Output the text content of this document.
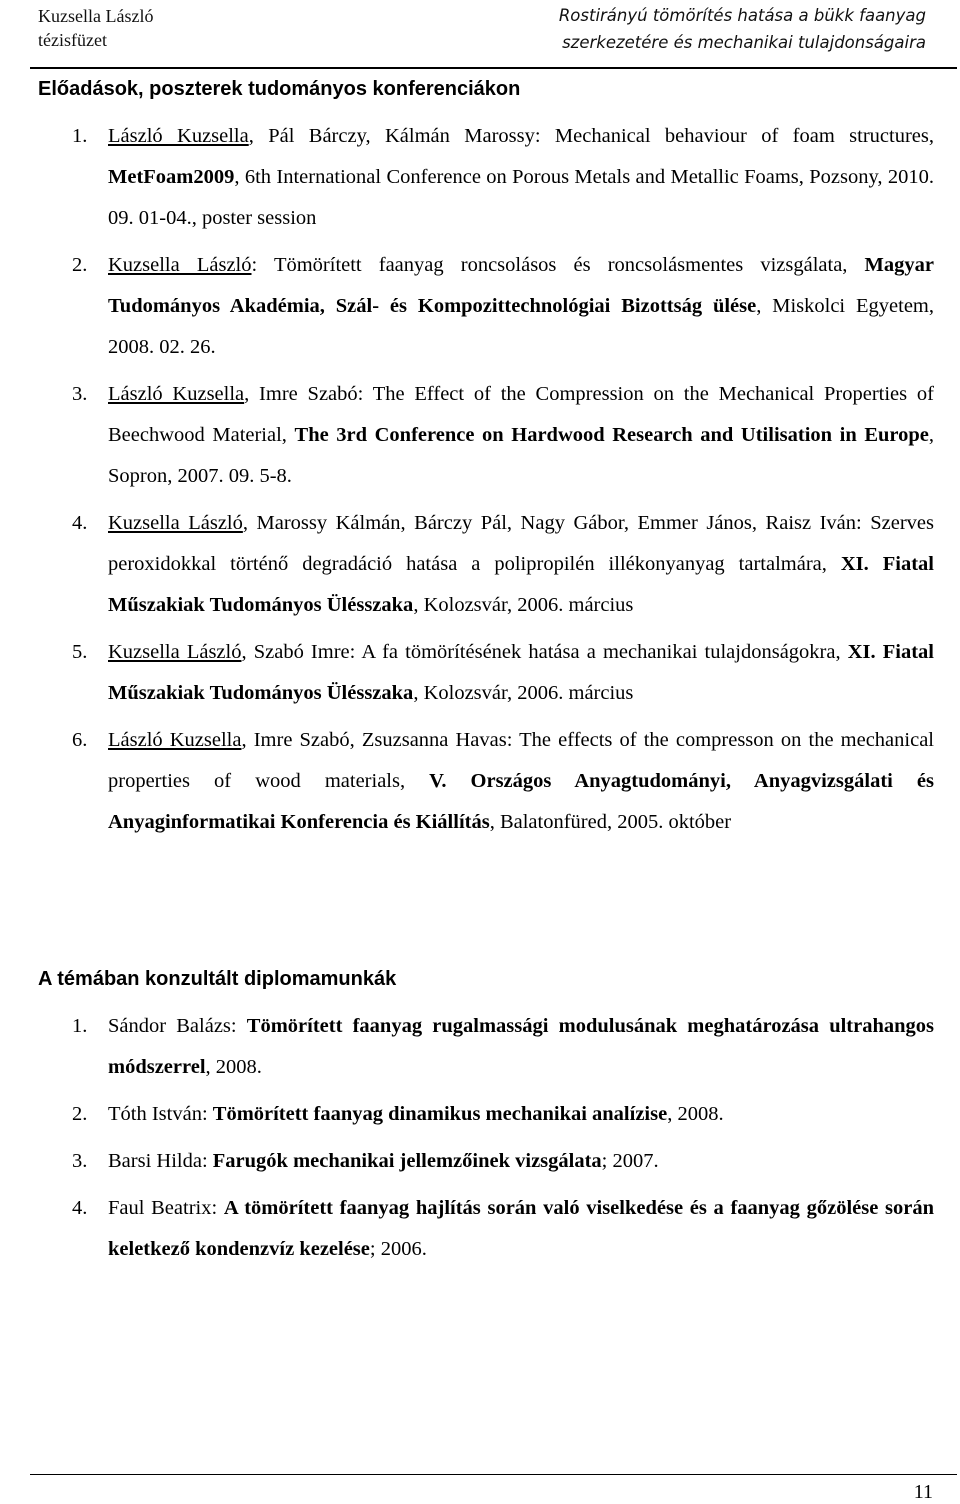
Kuzsella László
tézisfüzet
Rostirányú tömörítés hatása a bükk faanyag
szerkezetére és mechanikai tulajdonságaira
Előadások, poszterek tudományos konferenciákon
1. László Kuzsella, Pál Bárczy, Kálmán Marossy: Mechanical behaviour of foam structures, MetFoam2009, 6th International Conference on Porous Metals and Metallic Foams, Pozsony, 2010. 09. 01-04., poster session
2. Kuzsella László: Tömörített faanyag roncsolásos és roncsolásmentes vizsgálata, Magyar Tudományos Akadémia, Szál- és Kompozittechnológiai Bizottság ülése, Miskolci Egyetem, 2008. 02. 26.
3. László Kuzsella, Imre Szabó: The Effect of the Compression on the Mechanical Properties of Beechwood Material, The 3rd Conference on Hardwood Research and Utilisation in Europe, Sopron, 2007. 09. 5-8.
4. Kuzsella László, Marossy Kálmán, Bárczy Pál, Nagy Gábor, Emmer János, Raisz Iván: Szerves peroxidokkal történő degradáció hatása a polipropilén illékonyanyag tartalmára, XI. Fiatal Műszakiak Tudományos Ülésszaka, Kolozsvár, 2006. március
5. Kuzsella László, Szabó Imre: A fa tömörítésének hatása a mechanikai tulajdonságokra, XI. Fiatal Műszakiak Tudományos Ülésszaka, Kolozsvár, 2006. március
6. László Kuzsella, Imre Szabó, Zsuzsanna Havas: The effects of the compresson on the mechanical properties of wood materials, V. Országos Anyagtudományi, Anyagvizsgálati és Anyaginformatikai Konferencia és Kiállítás, Balatonfüred, 2005. október
A témában konzultált diplomamunkák
1. Sándor Balázs: Tömörített faanyag rugalmassági modulusának meghatározása ultrahangos módszerrel, 2008.
2. Tóth István: Tömörített faanyag dinamikus mechanikai analízise, 2008.
3. Barsi Hilda: Farugók mechanikai jellemzőinek vizsgálata; 2007.
4. Faul Beatrix: A tömörített faanyag hajlítás során való viselkedése és a faanyag gőzölése során keletkező kondenzvíz kezelése; 2006.
11
